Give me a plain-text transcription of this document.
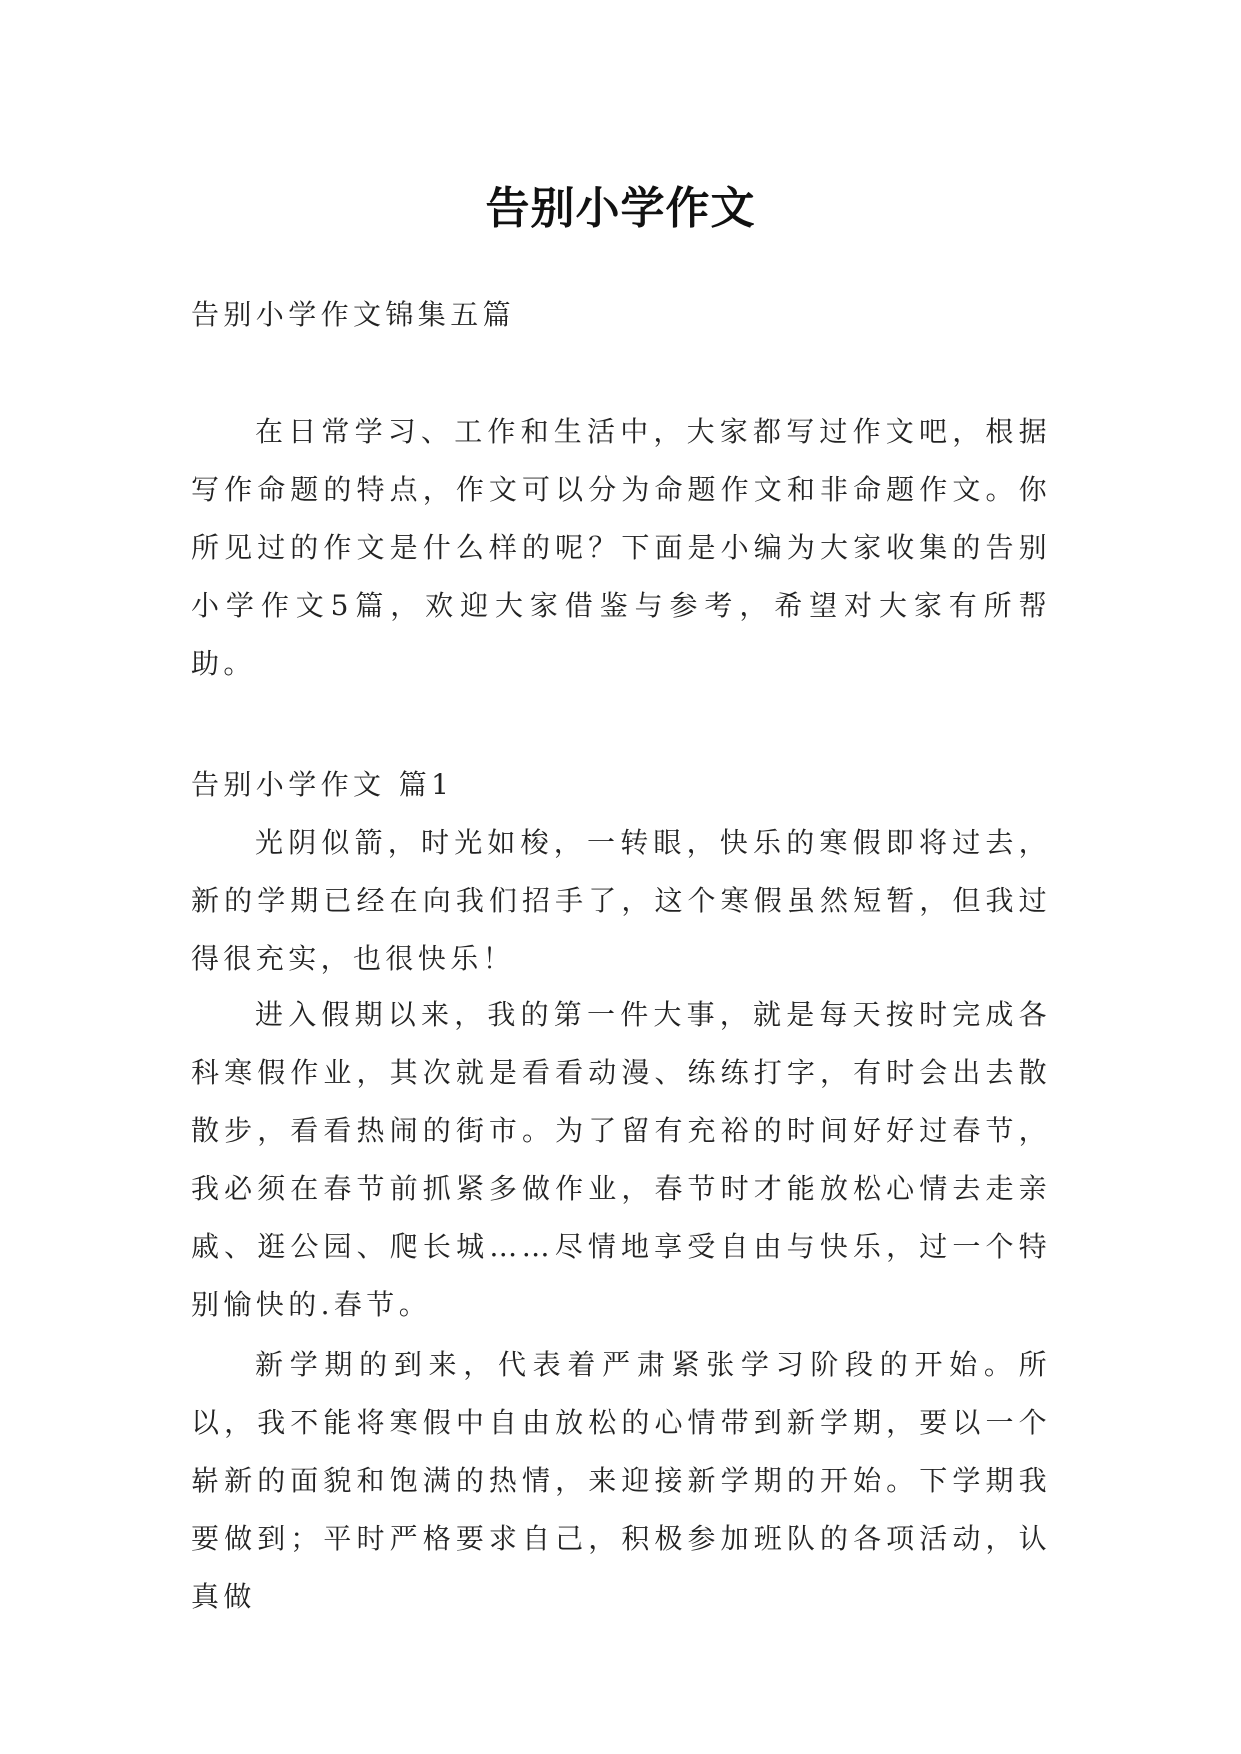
告别小学作文

告别小学作文锦集五篇

在日常学习、工作和生活中，大家都写过作文吧，根据写作命题的特点，作文可以分为命题作文和非命题作文。你所见过的作文是什么样的呢？下面是小编为大家收集的告别小学作文5篇，欢迎大家借鉴与参考，希望对大家有所帮助。

告别小学作文 篇1

光阴似箭，时光如梭，一转眼，快乐的寒假即将过去，新的学期已经在向我们招手了，这个寒假虽然短暂，但我过得很充实，也很快乐！

进入假期以来，我的第一件大事，就是每天按时完成各科寒假作业，其次就是看看动漫、练练打字，有时会出去散散步，看看热闹的街市。为了留有充裕的时间好好过春节，我必须在春节前抓紧多做作业，春节时才能放松心情去走亲戚、逛公园、爬长城……尽情地享受自由与快乐，过一个特别愉快的.春节。

新学期的到来，代表着严肃紧张学习阶段的开始。所以，我不能将寒假中自由放松的心情带到新学期，要以一个崭新的面貌和饱满的热情，来迎接新学期的开始。下学期我要做到；平时严格要求自己，积极参加班队的各项活动，认真做
